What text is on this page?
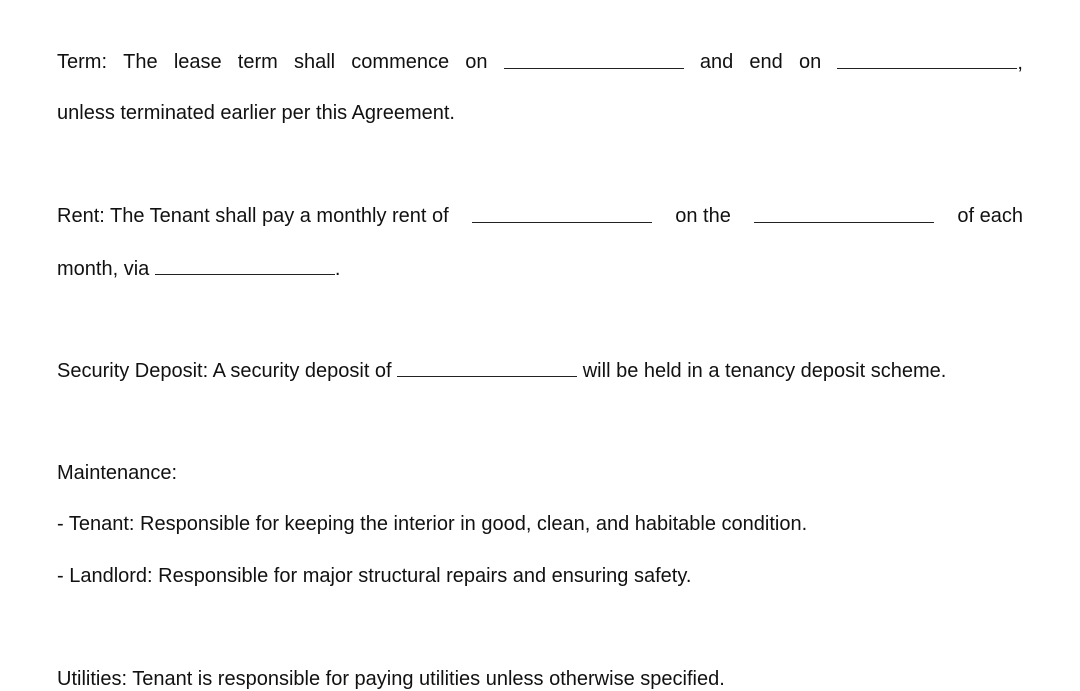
Term: The lease term shall commence on	and end on	,
unless terminated earlier per this Agreement.
Rent: The Tenant shall pay a monthly rent of	on the	of each
month, via	.
Security Deposit: A security deposit of	will be held in a tenancy deposit scheme.
Maintenance:
- Tenant: Responsible for keeping the interior in good, clean, and habitable condition.
- Landlord: Responsible for major structural repairs and ensuring safety.
Utilities: Tenant is responsible for paying utilities unless otherwise specified.
